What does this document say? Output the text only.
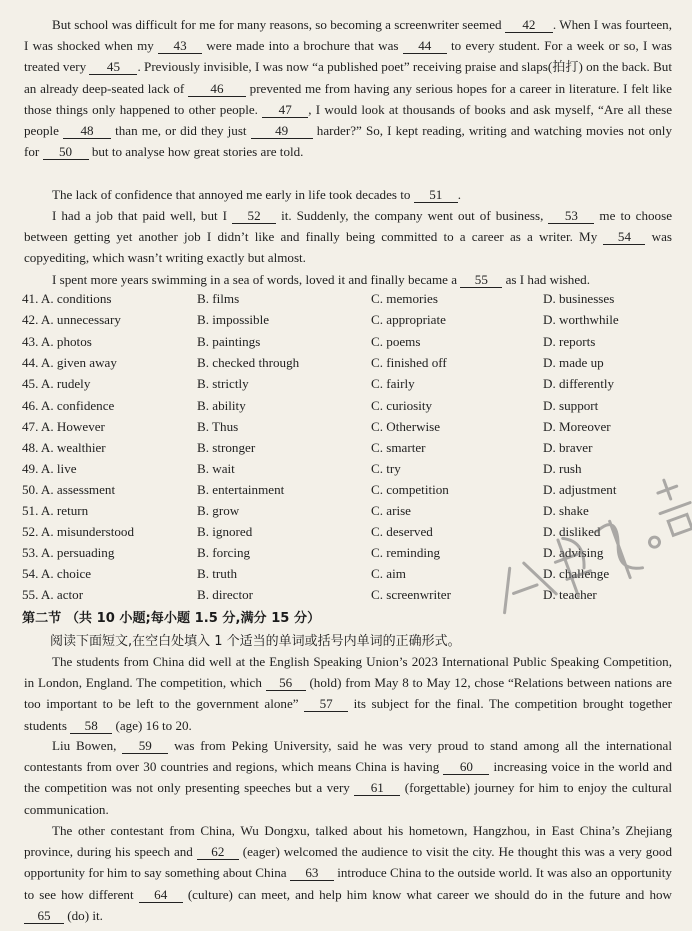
But school was difficult for me for many reasons, so becoming a screenwriter seemed 42 . When I was fourteen, I was shocked when my 43 were made into a brochure that was 44 to every student. For a week or so, I was treated very 45 . Previously invisible, I was now “a published poet” receiving praise and slaps(拍打) on the back. But an already deep-seated lack of 46 prevented me from having any serious hopes for a career in literature. I felt like those things only happened to other people. 47 , I would look at thousands of books and ask myself, “Are all these people 48 than me, or did they just 49 harder?” So, I kept reading, writing and watching movies not only for 50 but to analyse how great stories are told.

The lack of confidence that annoyed me early in life took decades to 51 .

I had a job that paid well, but I 52 it. Suddenly, the company went out of business, 53 me to choose between getting yet another job I didn’t like and finally being committed to a career as a writer. My 54 was copyediting, which wasn’t writing exactly but almost.

I spent more years swimming in a sea of words, loved it and finally became a 55 as I had wished.

41. A. conditions	B. films	C. memories	D. businesses
42. A. unnecessary	B. impossible	C. appropriate	D. worthwhile
43. A. photos	B. paintings	C. poems	D. reports
44. A. given away	B. checked through	C. finished off	D. made up
45. A. rudely	B. strictly	C. fairly	D. differently
46. A. confidence	B. ability	C. curiosity	D. support
47. A. However	B. Thus	C. Otherwise	D. Moreover
48. A. wealthier	B. stronger	C. smarter	D. braver
49. A. live	B. wait	C. try	D. rush
50. A. assessment	B. entertainment	C. competition	D. adjustment
51. A. return	B. grow	C. arise	D. shake
52. A. misunderstood	B. ignored	C. deserved	D. disliked
53. A. persuading	B. forcing	C. reminding	D. advising
54. A. choice	B. truth	C. aim	D. challenge
55. A. actor	B. director	C. screenwriter	D. teacher
第二节 （共 10 小题;每小题 1.5 分,满分 15 分）
阅读下面短文,在空白处填入 1 个适当的单词或括号内单词的正确形式。

The students from China did well at the English Speaking Union’s 2023 International Public Speaking Competition, in London, England. The competition, which 56 (hold) from May 8 to May 12, chose “Relations between nations are too important to be left to the government alone” 57 its subject for the final. The competition brought together students 58 (age) 16 to 20.

Liu Bowen, 59 was from Peking University, said he was very proud to stand among all the international contestants from over 30 countries and regions, which means China is having 60 increasing voice in the world and the competition was not only presenting speeches but a very 61 (forgettable) journey for him to enjoy the cultural communication.

The other contestant from China, Wu Dongxu, talked about his hometown, Hangzhou, in East China’s Zhejiang province, during his speech and 62 (eager) welcomed the audience to visit the city. He thought this was a very good opportunity for him to say something about China 63 introduce China to the outside world. It was also an opportunity to see how different 64 (culture) can meet, and help him know what career we should do in the future and how 65 (do) it.
